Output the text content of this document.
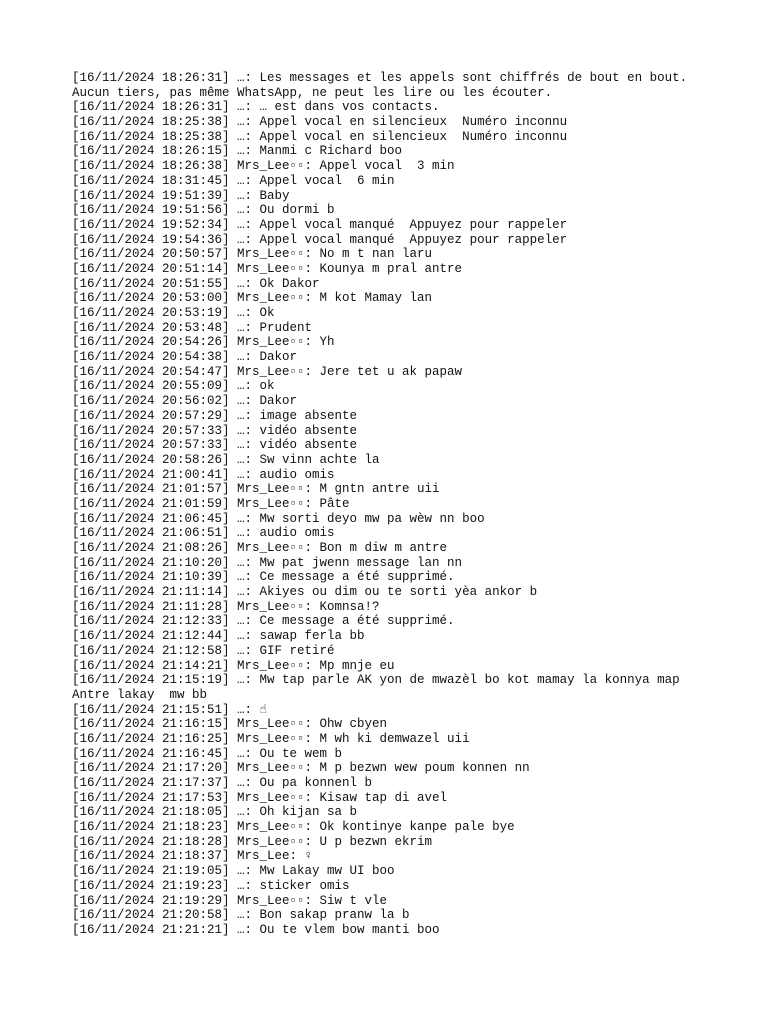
[16/11/2024 18:26:31] …: Les messages et les appels sont chiffrés de bout en bout.
Aucun tiers, pas même WhatsApp, ne peut les lire ou les écouter.
[16/11/2024 18:26:31] …: … est dans vos contacts.
[16/11/2024 18:25:38] …: Appel vocal en silencieux  Numéro inconnu
[16/11/2024 18:25:38] …: Appel vocal en silencieux  Numéro inconnu
[16/11/2024 18:26:15] …: Manmi c Richard boo
[16/11/2024 18:26:38] Mrs_Lee▫▫: Appel vocal  3 min
[16/11/2024 18:31:45] …: Appel vocal  6 min
[16/11/2024 19:51:39] …: Baby
[16/11/2024 19:51:56] …: Ou dormi b
[16/11/2024 19:52:34] …: Appel vocal manqué  Appuyez pour rappeler
[16/11/2024 19:54:36] …: Appel vocal manqué  Appuyez pour rappeler
[16/11/2024 20:50:57] Mrs_Lee▫▫: No m t nan laru
[16/11/2024 20:51:14] Mrs_Lee▫▫: Kounya m pral antre
[16/11/2024 20:51:55] …: Ok Dakor
[16/11/2024 20:53:00] Mrs_Lee▫▫: M kot Mamay lan
[16/11/2024 20:53:19] …: Ok
[16/11/2024 20:53:48] …: Prudent
[16/11/2024 20:54:26] Mrs_Lee▫▫: Yh
[16/11/2024 20:54:38] …: Dakor
[16/11/2024 20:54:47] Mrs_Lee▫▫: Jere tet u ak papaw
[16/11/2024 20:55:09] …: ok
[16/11/2024 20:56:02] …: Dakor
[16/11/2024 20:57:29] …: image absente
[16/11/2024 20:57:33] …: vidéo absente
[16/11/2024 20:57:33] …: vidéo absente
[16/11/2024 20:58:26] …: Sw vinn achte la
[16/11/2024 21:00:41] …: audio omis
[16/11/2024 21:01:57] Mrs_Lee▫▫: M gntn antre uii
[16/11/2024 21:01:59] Mrs_Lee▫▫: Pâte
[16/11/2024 21:06:45] …: Mw sorti deyo mw pa wèw nn boo
[16/11/2024 21:06:51] …: audio omis
[16/11/2024 21:08:26] Mrs_Lee▫▫: Bon m diw m antre
[16/11/2024 21:10:20] …: Mw pat jwenn message lan nn
[16/11/2024 21:10:39] …: Ce message a été supprimé.
[16/11/2024 21:11:14] …: Akiyes ou dim ou te sorti yèa ankor b
[16/11/2024 21:11:28] Mrs_Lee▫▫: Komnsa!?
[16/11/2024 21:12:33] …: Ce message a été supprimé.
[16/11/2024 21:12:44] …: sawap ferla bb
[16/11/2024 21:12:58] …: GIF retiré
[16/11/2024 21:14:21] Mrs_Lee▫▫: Mp mnje eu
[16/11/2024 21:15:19] …: Mw tap parle AK yon de mwazèl bo kot mamay la konnya map
Antre lakay  mw bb
[16/11/2024 21:15:51] …: ☝
[16/11/2024 21:16:15] Mrs_Lee▫▫: Ohw cbyen
[16/11/2024 21:16:25] Mrs_Lee▫▫: M wh ki demwazel uii
[16/11/2024 21:16:45] …: Ou te wem b
[16/11/2024 21:17:20] Mrs_Lee▫▫: M p bezwn wew poum konnen nn
[16/11/2024 21:17:37] …: Ou pa konnenl b
[16/11/2024 21:17:53] Mrs_Lee▫▫: Kisaw tap di avel
[16/11/2024 21:18:05] …: Oh kijan sa b
[16/11/2024 21:18:23] Mrs_Lee▫▫: Ok kontinye kanpe pale bye
[16/11/2024 21:18:28] Mrs_Lee▫▫: U p bezwn ekrim
[16/11/2024 21:18:37] Mrs_Lee: ♀
[16/11/2024 21:19:05] …: Mw Lakay mw UI boo
[16/11/2024 21:19:23] …: sticker omis
[16/11/2024 21:19:29] Mrs_Lee▫▫: Siw t vle
[16/11/2024 21:20:58] …: Bon sakap pranw la b
[16/11/2024 21:21:21] …: Ou te vlem bow manti boo
